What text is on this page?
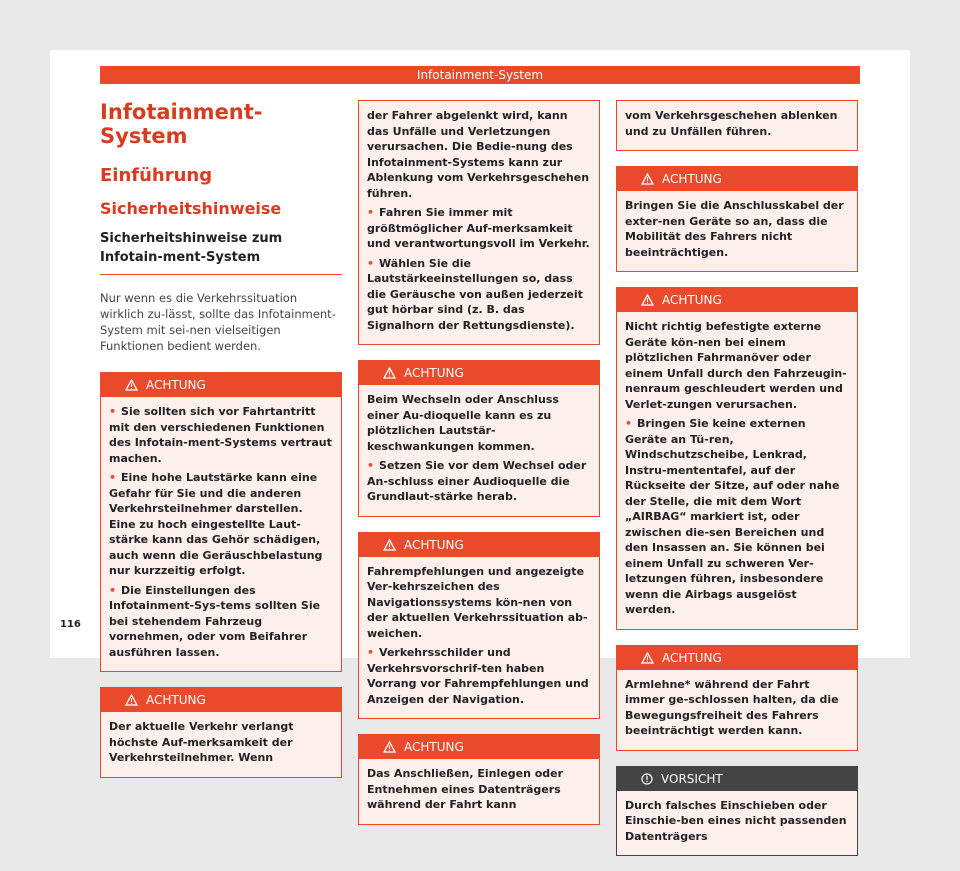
Infotainment-System
Infotainment-System
Einführung
Sicherheitshinweise
Sicherheitshinweise zum Infotain-ment-System

Nur wenn es die Verkehrssituation wirklich zu-lässt, sollte das Infotainment-System mit sei-nen vielseitigen Funktionen bedient werden.

ACHTUNG

• Sie sollten sich vor Fahrtantritt mit den verschiedenen Funktionen des Infotain-ment-Systems vertraut machen.

• Eine hohe Lautstärke kann eine Gefahr für Sie und die anderen Verkehrsteilnehmer darstellen. Eine zu hoch eingestellte Laut-stärke kann das Gehör schädigen, auch wenn die Geräuschbelastung nur kurzzeitig erfolgt.

• Die Einstellungen des Infotainment-Sys-tems sollten Sie bei stehendem Fahrzeug vornehmen, oder vom Beifahrer ausführen lassen.

ACHTUNG

Der aktuelle Verkehr verlangt höchste Auf-merksamkeit der Verkehrsteilnehmer. Wenn

der Fahrer abgelenkt wird, kann das Unfälle und Verletzungen verursachen. Die Bedie-nung des Infotainment-Systems kann zur Ablenkung vom Verkehrsgeschehen führen.

• Fahren Sie immer mit größtmöglicher Auf-merksamkeit und verantwortungsvoll im Verkehr.

• Wählen Sie die Lautstärkeeinstellungen so, dass die Geräusche von außen jederzeit gut hörbar sind (z. B. das Signalhorn der Rettungsdienste).

ACHTUNG

Beim Wechseln oder Anschluss einer Au-dioquelle kann es zu plötzlichen Lautstär-keschwankungen kommen.

• Setzen Sie vor dem Wechsel oder An-schluss einer Audioquelle die Grundlaut-stärke herab.

ACHTUNG

Fahrempfehlungen und angezeigte Ver-kehrszeichen des Navigationssystems kön-nen von der aktuellen Verkehrssituation ab-weichen.

• Verkehrsschilder und Verkehrsvorschrif-ten haben Vorrang vor Fahrempfehlungen und Anzeigen der Navigation.

ACHTUNG

Das Anschließen, Einlegen oder Entnehmen eines Datenträgers während der Fahrt kann

vom Verkehrsgeschehen ablenken und zu Unfällen führen.

ACHTUNG

Bringen Sie die Anschlusskabel der exter-nen Geräte so an, dass die Mobilität des Fahrers nicht beeinträchtigen.

ACHTUNG

Nicht richtig befestigte externe Geräte kön-nen bei einem plötzlichen Fahrmanöver oder einem Unfall durch den Fahrzeugin-nenraum geschleudert werden und Verlet-zungen verursachen.

• Bringen Sie keine externen Geräte an Tü-ren, Windschutzscheibe, Lenkrad, Instru-mententafel, auf der Rückseite der Sitze, auf oder nahe der Stelle, die mit dem Wort „AIRBAG“ markiert ist, oder zwischen die-sen Bereichen und den Insassen an. Sie können bei einem Unfall zu schweren Ver-letzungen führen, insbesondere wenn die Airbags ausgelöst werden.

ACHTUNG

Armlehne* während der Fahrt immer ge-schlossen halten, da die Bewegungsfreiheit des Fahrers beeinträchtigt werden kann.

VORSICHT

Durch falsches Einschieben oder Einschie-ben eines nicht passenden Datenträgers

116
